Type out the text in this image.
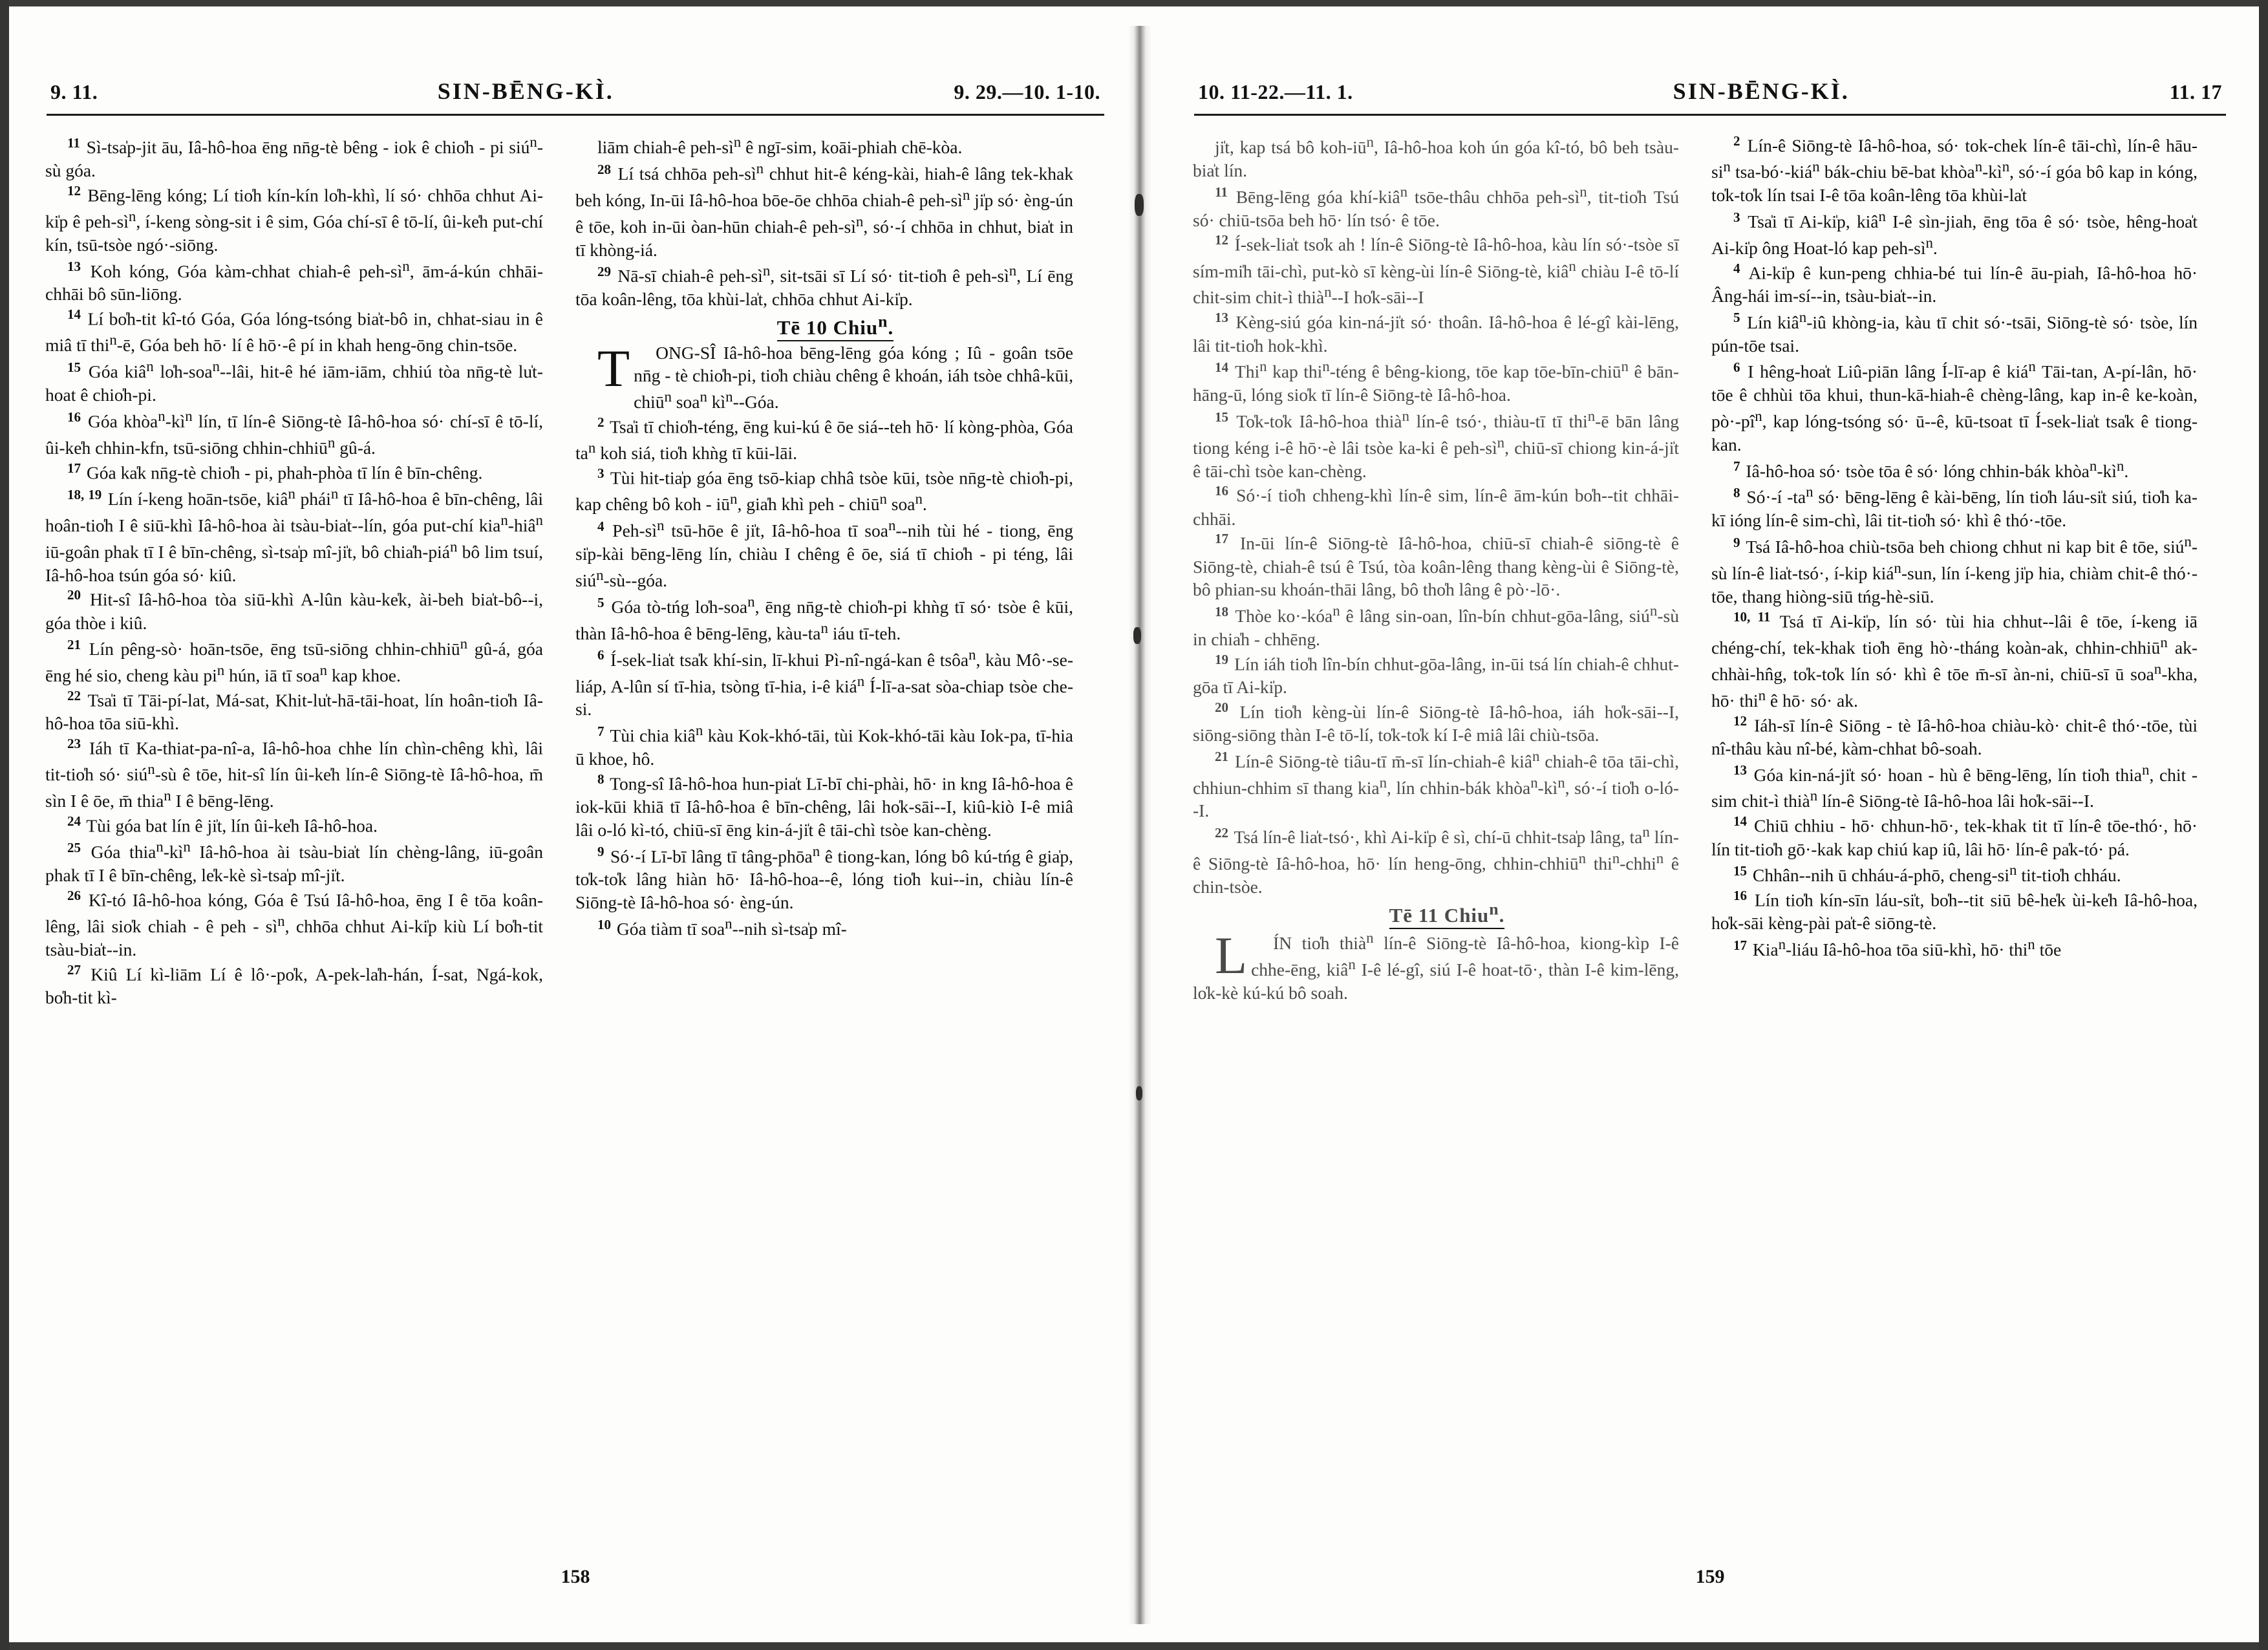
9. 11.	SIN-BĒNG-KÌ.	9. 29.—10. 1-10.

$^{11}$ Sì-tsa̍p-jit āu, Iâ-hô-hoa ēng nn̄g-tè bêng - iok ê chio̍h - pi siú$^n$-sù góa.

$^{12}$ Bēng-lēng kóng; Lí tio̍h kín-kín lo̍h-khì, lí só· chhōa chhut Ai-ki̍p ê peh-$sì^n$, í-keng sòng-sit i ê sim, Góa chí-sī ê tō-lí, ûi-ke̍h put-chí kín, tsū-tsòe ngó·-siōng.

$^{13}$ Koh kóng, Góa kàm-chhat chiah-ê peh-$sì^n$, ām-á-kún chhāi-chhāi bô sūn-liōng.

$^{14}$ Lí bo̍h-tit kî-tó Góa, Góa lóng-tsóng bia̍t-bô in, chhat-siau in ê miâ tī thi$^n$-ē, Góa beh hō· lí ê hō·-ê pí in khah heng-ōng chin-tsōe.

$^{15}$ Góa kiâ$^n$ lo̍h-soa$^n$--lâi, hit-ê hé iām-iām, chhiú tòa nn̄g-tè lu̍t-hoat ê chio̍h-pi.

$^{16}$ Góa $khòa^n-kì^n$ lín, tī lín-ê Siōng-tè Iâ-hô-hoa só· chí-sī ê tō-lí, ûi-ke̍h chhin-kfn, tsū-siōng chhin-chhiū$^n$ gû-á.

$^{17}$ Góa ka̍k nn̄g-tè chio̍h - pi, phah-phòa tī lín ê bīn-chêng.

$^{18, 19}$ Lín í-keng hoān-tsōe, kiâ$^n$ phái$^n$ tī Iâ-hô-hoa ê bīn-chêng, lâi hoân-tio̍h I ê siū-khì Iâ-hô-hoa ài tsàu-bia̍t--lín, góa put-chí kia$^n$-hiâ$^n$ iū-goân phak tī I ê bīn-chêng, sì-tsa̍p mî-ji̍t, bô chia̍h-piá$^n$ bô lim tsuí, Iâ-hô-hoa tsún góa só· kiû.

$^{20}$ Hit-sî Iâ-hô-hoa tòa siū-khì A-lûn kàu-ke̍k, ài-beh bia̍t-bô--i, góa thòe i kiû.

$^{21}$ Lín pêng-sò· hoān-tsōe, ēng tsū-siōng chhin-chhiū$^n$ gû-á, góa ēng hé sio, cheng kàu $pi^n$ hún, iā tī soa$^n$ kap khoe.

$^{22}$ Tsa̍i tī Tāi-pí-lat, Má-sat, Khit-lu̍t-hā-tāi-hoat, lín hoân-tio̍h Iâ-hô-hoa tōa siū-khì.

$^{23}$ Iáh tī Ka-thiat-pa-nî-a, Iâ-hô-hoa chhe lín chìn-chêng khì, lâi tit-tio̍h só· siú$^n$-sù ê tōe, hit-sî lín ûi-ke̍h lín-ê Siōng-tè Iâ-hô-hoa, m̄ sìn I ê ōe, m̄ thia$^n$ I ê bēng-lēng.

$^{24}$ Tùi góa bat lín ê ji̍t, lín ûi-ke̍h Iâ-hô-hoa.

$^{25}$ Góa $thia^n-kì^n$ Iâ-hô-hoa ài tsàu-bia̍t lín chèng-lâng, iū-goân phak tī I ê bīn-chêng, le̍k-kè sì-tsa̍p mî-ji̍t.

$^{26}$ Kî-tó Iâ-hô-hoa kóng, Góa ê Tsú Iâ-hô-hoa, ēng I ê tōa koân-lêng, lâi sio̍k chiah - ê peh - $sì^n$, chhōa chhut Ai-ki̍p kiù Lí bo̍h-tit tsàu-bia̍t--in.

$^{27}$ Kiû Lí kì-liām Lí ê lô·-po̍k, A-pek-la̍h-hán, Í-sat, Ngá-kok, bo̍h-tit kì-

liām chiah-ê peh-$sì^n$ ê ngī-sim, koāi-phiah chē-kòa.

$^{28}$ Lí tsá chhōa peh-$sì^n$ chhut hit-ê kéng-kài, hiah-ê lâng tek-khak beh kóng, In-ūi Iâ-hô-hoa bōe-ōe chhōa chiah-ê peh-$sì^n$ ji̍p só· èng-ún ê tōe, koh in-ūi òan-hūn chiah-ê peh-$sì^n$, só·-í chhōa in chhut, bia̍t in tī khòng-iá.

$^{29}$ Nā-sī chiah-ê peh-$sì^n$, sit-tsāi sī Lí só· tit-tio̍h ê peh-$sì^n$, Lí ēng tōa koân-lêng, tōa khùi-la̍t, chhōa chhut Ai-ki̍p.

Tē 10 Chiu$^n$.

T ONG-SÎ Iâ-hô-hoa bēng-lēng góa kóng ; Iû - goân tsōe nn̄g - tè chio̍h-pi, tio̍h chiàu chêng ê khoán, iáh tsòe chhâ-kūi, chiū$^n$ soa$^n$ $kì^n-$-Góa.

$^2$ Tsa̍i tī chio̍h-téng, ēng kui-kú ê ōe siá--teh hō· lí kòng-phòa, Góa $ta^n$ koh siá, tio̍h khǹg tī kūi-lāi.

$^3$ Tùi hit-tia̍p góa ēng tsō-kiap chhâ tsòe kūi, tsòe nn̄g-tè chio̍h-pi, kap chêng bô koh - $iū^n$, gia̍h khì peh - chiū$^n$ soa$^n$.

$^4$ Peh-$sì^n$ tsū-hōe ê ji̍t, Iâ-hô-hoa tī soa$^n$--nih tùi hé - tiong, ēng si̍p-kài bēng-lēng lín, chiàu I chêng ê ōe, siá tī chio̍h - pi téng, lâi siú$^n$-sù--góa.

$^5$ Góa tò-tńg lo̍h-soa$^n$, ēng nn̄g-tè chio̍h-pi khǹg tī só· tsòe ê kūi, thàn Iâ-hô-hoa ê bēng-lēng, kàu-$ta^n$ iáu tī-teh.

$^6$ Í-sek-lia̍t tsa̍k khí-sin, lī-khui Pì-nî-ngá-kan ê tsôa$^n$, kàu Mô·-se-liáp, A-lûn sí tī-hia, tsòng tī-hia, i-ê kiá$^n$ Í-lī-a-sat sòa-chiap tsòe che-si.

$^7$ Tùi chia kiâ$^n$ kàu Kok-khó-tāi, tùi Kok-khó-tāi kàu Iok-pa, tī-hia ū khoe, hô.

$^8$ Tong-sî Iâ-hô-hoa hun-pia̍t Lī-bī chi-phài, hō· in kng Iâ-hô-hoa ê iok-kūi khiā tī Iâ-hô-hoa ê bīn-chêng, lâi ho̍k-sāi--I, kiû-kiò I-ê miâ lâi o-ló kì-tó, chiū-sī ēng kin-á-ji̍t ê tāi-chì tsòe kan-chèng.

$^9$ Só·-í Lī-bī lâng tī tâng-phōa$^n$ ê tiong-kan, lóng bô kú-tńg ê gia̍p, to̍k-to̍k lâng hiàn hō· Iâ-hô-hoa--ê, lóng tio̍h kui--in, chiàu lín-ê Siōng-tè Iâ-hô-hoa só· èng-ún.

$^{10}$ Góa tiàm tī soa$^n$--nih sì-tsa̍p mî-

158
10. 11-22.—11. 1.	SIN-BĒNG-KÌ.	11. 17

ji̍t, kap tsá bô koh-$iū^n$, Iâ-hô-hoa koh ún góa kî-tó, bô beh tsàu-bia̍t lín.

$^{11}$ Bēng-lēng góa khí-kiâ$^n$ tsōe-thâu chhōa peh-$sì^n$, tit-tio̍h Tsú só· chiū-tsōa beh hō· lín tsó· ê tōe.

$^{12}$ Í-sek-lia̍t tso̍k ah ! lín-ê Siōng-tè Iâ-hô-hoa, kàu lín só·-tsòe sī sím-mi̍h tāi-chì, put-kò sī kèng-ùi lín-ê Siōng-tè, kiâ$^n$ chiàu I-ê tō-lí chit-sim chit-ì thià$^n$--I ho̍k-sāi--I

$^{13}$ Kèng-siú góa kin-ná-ji̍t só· thoân. Iâ-hô-hoa ê lé-gî kài-lēng, lâi tit-tio̍h hok-khì.

$^{14}$ Thi$^n$ kap thi$^n$-téng ê bêng-kiong, tōe kap tōe-bīn-chiū$^n$ ê bān-hāng-ū, lóng sio̍k tī lín-ê Siōng-tè Iâ-hô-hoa.

$^{15}$ To̍k-to̍k Iâ-hô-hoa thià$^n$ lín-ê tsó·, thiàu-tī tī thi$^n$-ē bān lâng tiong kéng i-ê hō·-è lâi tsòe ka-ki ê peh-$sì^n$, chiū-sī chiong kin-á-ji̍t ê tāi-chì tsòe kan-chèng.

$^{16}$ Só·-í tio̍h chheng-khì lín-ê sim, lín-ê ām-kún bo̍h--tit chhāi-chhāi.

$^{17}$ In-ūi lín-ê Siōng-tè Iâ-hô-hoa, chiū-sī chiah-ê siōng-tè ê Siōng-tè, chiah-ê tsú ê Tsú, tòa koân-lêng thang kèng-ùi ê Siōng-tè, bô phian-su khoán-thāi lâng, bô tho̍h lâng ê pò·-lō·.

$^{18}$ Thòe ko·-kóa$^n$ ê lâng sin-oan, lîn-bín chhut-gōa-lâng, siú$^n$-sù in chia̍h - chhēng.

$^{19}$ Lín iáh tio̍h lîn-bín chhut-gōa-lâng, in-ūi tsá lín chiah-ê chhut-gōa tī Ai-ki̍p.

$^{20}$ Lín tio̍h kèng-ùi lín-ê Siōng-tè Iâ-hô-hoa, iáh ho̍k-sāi--I, siōng-siōng thàn I-ê tō-lí, to̍k-to̍k kí I-ê miâ lâi chiù-tsōa.

$^{21}$ Lín-ê Siōng-tè tiâu-tī m̄-sī lín-chiah-ê kiâ$^n$ chiah-ê tōa tāi-chì, chhiun-chhim sī thang kia$^n$, lín chhin-bák $khòa^n-kì^n$, só·-í tio̍h o-ló--I.

$^{22}$ Tsá lín-ê lia̍t-tsó·, khì Ai-ki̍p ê sì, chí-ū chhit-tsa̍p lâng, $ta^n$ lín-ê Siōng-tè Iâ-hô-hoa, hō· lín heng-ōng, chhin-chhiū$^n$ thi$^n$-chhi$^n$ ê chin-tsòe.

Tē 11 Chiu$^n$.

L ÍN tio̍h thià$^n$ lín-ê Siōng-tè Iâ-hô-hoa, kiong-kìp I-ê chhe-ēng, kiâ$^n$ I-ê lé-gî, siú I-ê hoat-tō·, thàn I-ê kim-lēng, lo̍k-kè kú-kú bô soah.

$^2$ Lín-ê Siōng-tè Iâ-hô-hoa, só· tok-chek lín-ê tāi-chì, lín-ê hāu-$si^n$ tsa-bó·-kiá$^n$ bák-chiu bē-bat $khòa^n-kì^n$, só·-í góa bô kap in kóng, to̍k-to̍k lín tsai I-ê tōa koân-lêng tōa khùi-la̍t

$^3$ Tsa̍i tī Ai-ki̍p, kiâ$^n$ I-ê sìn-jiah, ēng tōa ê só· tsòe, hêng-hoa̍t Ai-ki̍p ông Hoat-ló kap peh-$sì^n$.

$^4$ Ai-ki̍p ê kun-peng chhia-bé tui lín-ê āu-piah, Iâ-hô-hoa hō· Âng-hái im-sí--in, tsàu-bia̍t--in.

$^5$ Lín kiâ$^n$-iû khòng-ia, kàu tī chit só·-tsāi, Siōng-tè só· tsòe, lín pún-tōe tsai.

$^6$ I hêng-hoa̍t Liû-piān lâng Í-lī-ap ê kiá$^n$ Tāi-tan, A-pí-lân, hō· tōe ê chhùi tōa khui, thun-kā-hiah-ê chèng-lâng, kap in-ê ke-koàn, $pò\cdot-pî^n$, kap lóng-tsóng só· ū--ê, kū-tsoat tī Í-sek-lia̍t tsa̍k ê tiong-kan.

$^7$ Iâ-hô-hoa só· tsòe tōa ê só· lóng chhin-bák $khòa^n-kì^n$.

$^8$ Só·-í $-ta^n$ só· bēng-lēng ê kài-bēng, lín tio̍h láu-si̍t siú, tio̍h ka-kī ióng lín-ê sim-chì, lâi tit-tio̍h só· khì ê thó·-tōe.

$^9$ Tsá Iâ-hô-hoa chiù-tsōa beh chiong chhut ni kap bit ê tōe, siú$^n$-sù lín-ê lia̍t-tsó·, í-kip kiá$^n$-sun, lín í-keng ji̍p hia, chiàm chit-ê thó·-tōe, thang hiòng-siū tńg-hè-siū.

$^{10, 11}$ Tsá tī Ai-ki̍p, lín só· tùi hia chhut--lâi ê tōe, í-keng iā chéng-chí, tek-khak tio̍h ēng hò·-tháng koàn-ak, chhin-chhiū$^n$ ak-chhài-hn̂g, to̍k-to̍k lín só· khì ê tōe m̄-sī àn-ni, chiū-sī ū soa$^n$-kha, hō· thi$^n$ ê hō· só· ak.

$^{12}$ Iáh-sī lín-ê Siōng - tè Iâ-hô-hoa chiàu-kò· chit-ê thó·-tōe, tùi nî-thâu kàu nî-bé, kàm-chhat bô-soah.

$^{13}$ Góa kin-ná-ji̍t só· hoan - hù ê bēng-lēng, lín tio̍h thia$^n$, chit - sim chit-ì thià$^n$ lín-ê Siōng-tè Iâ-hô-hoa lâi ho̍k-sāi--I.

$^{14}$ Chiū chhiu - hō· chhun-hō·, tek-khak tit tī lín-ê tōe-thó·, hō· lín tit-tio̍h gō·-kak kap chiú kap iû, lâi hō· lín-ê pa̍k-tó· pá.

$^{15}$ Chhân--nih ū chháu-á-phō, cheng-$si^n$ tit-tio̍h chháu.

$^{16}$ Lín tio̍h kín-sīn láu-si̍t, bo̍h--tit siū bê-he̍k ùi-ke̍h Iâ-hô-hoa, ho̍k-sāi kèng-pài pa̍t-ê siōng-tè.

$^{17}$ Kia$^n$-liáu Iâ-hô-hoa tōa siū-khì, hō· thi$^n$ tōe

159
